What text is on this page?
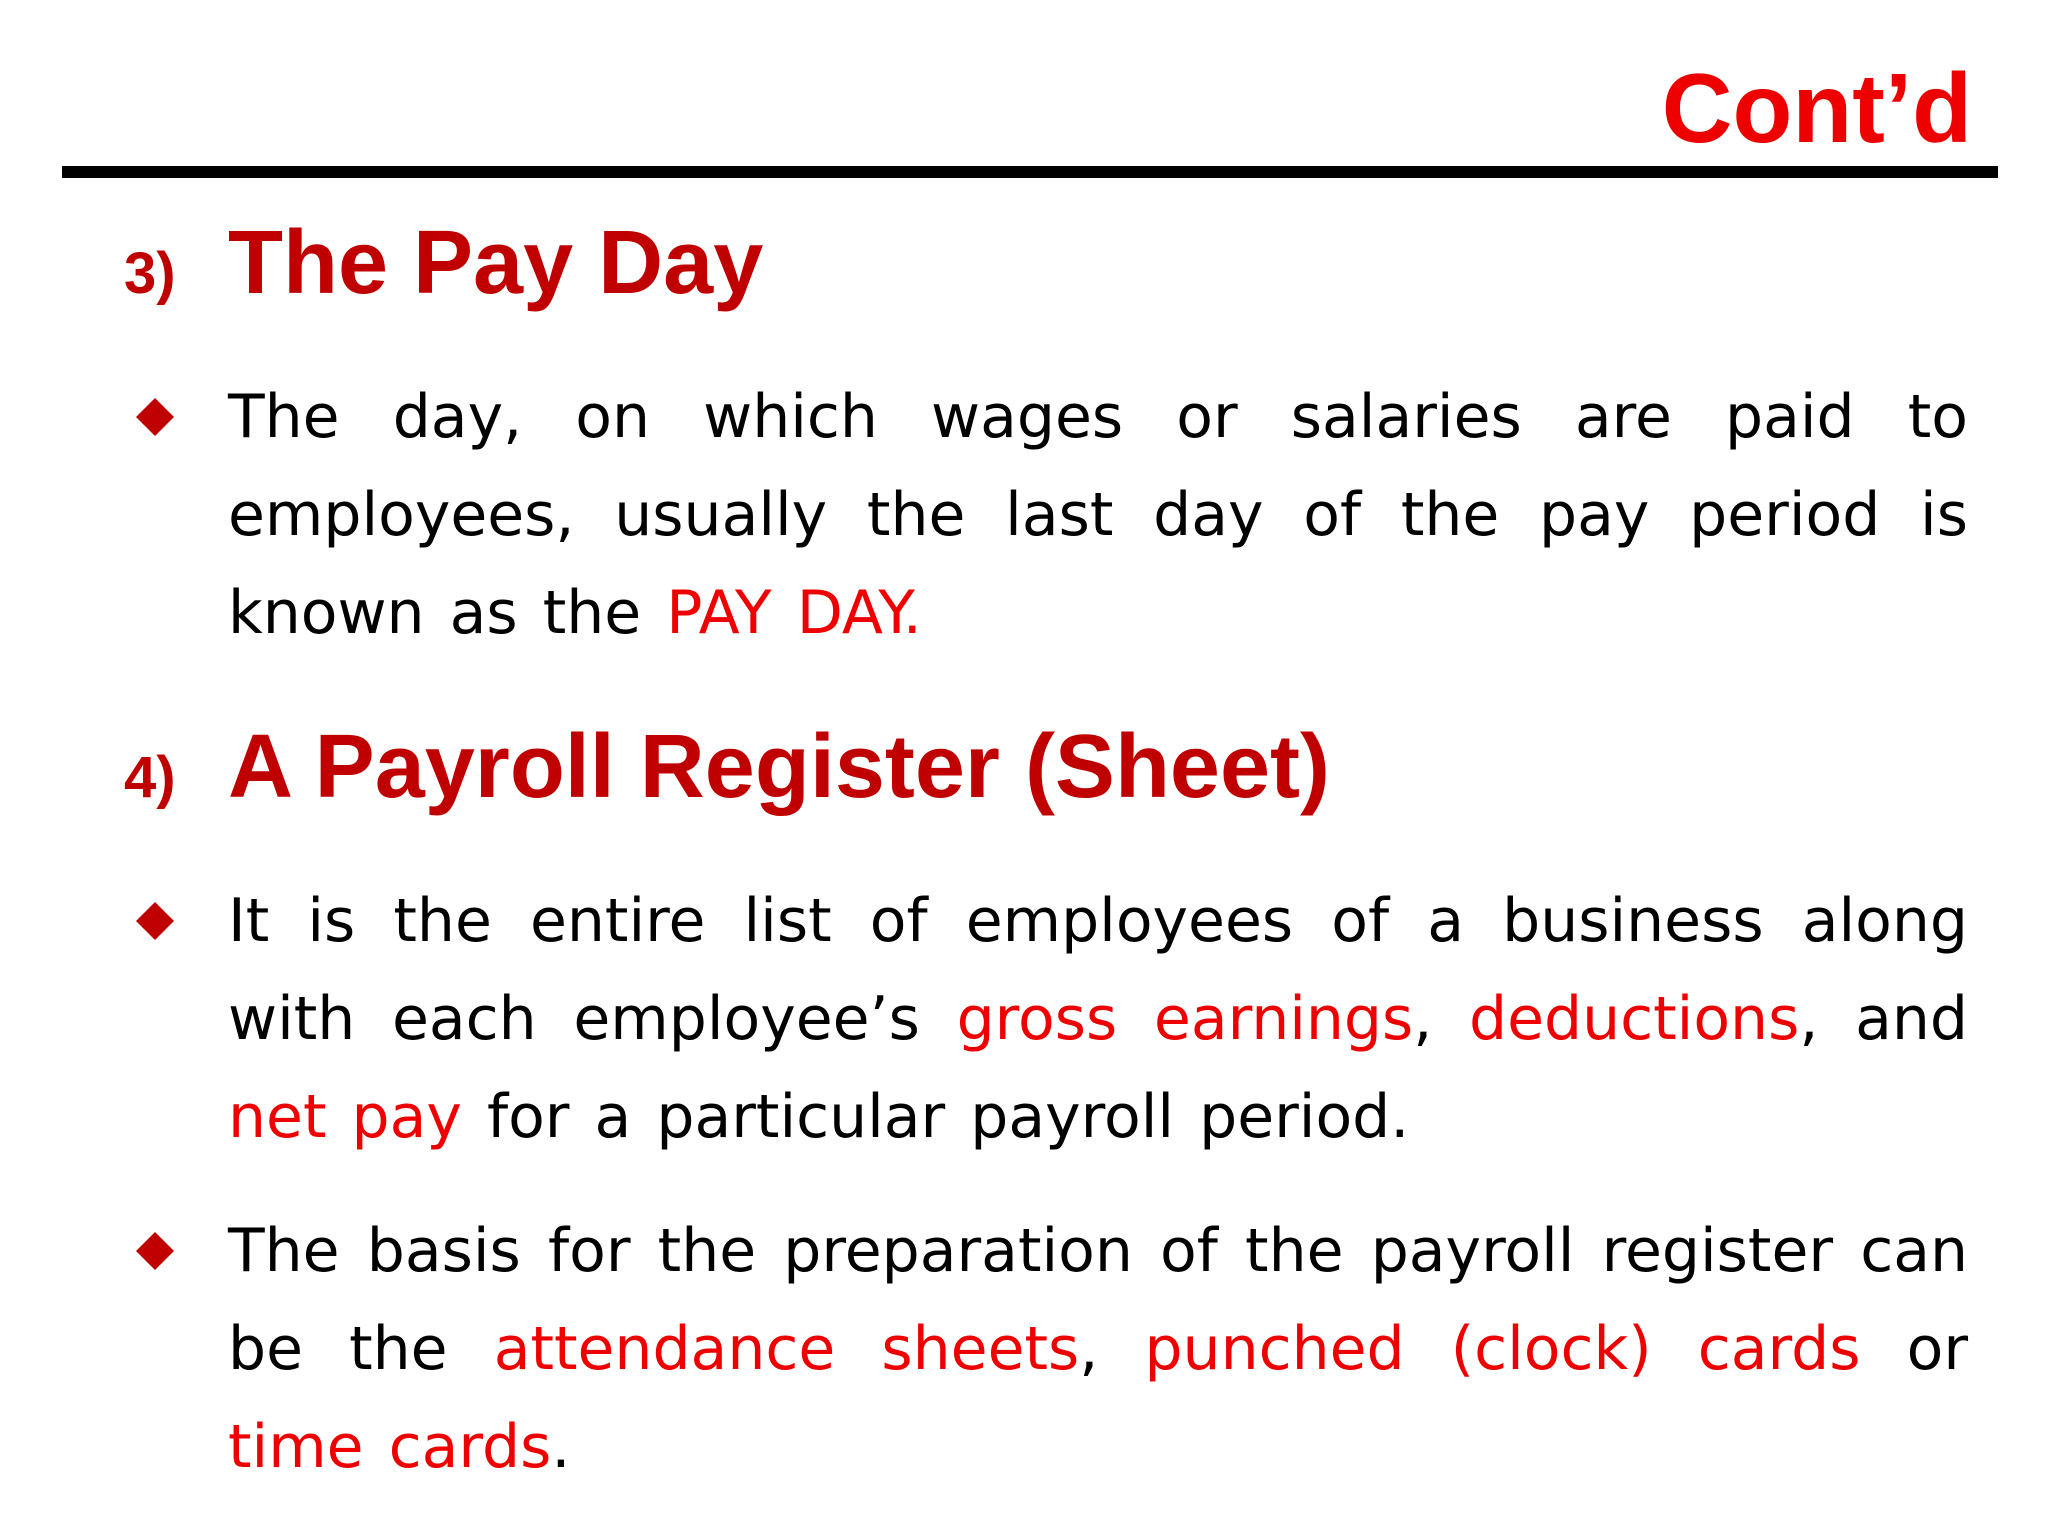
Cont’d
3) The Pay Day

The day, on which wages or salaries are paid to employees, usually the last day of the pay period is known as the PAY DAY.

4) A Payroll Register (Sheet)

It is the entire list of employees of a business along with each employee’s gross earnings, deductions, and net pay for a particular payroll period.

The basis for the preparation of the payroll register can be the attendance sheets, punched (clock) cards or time cards.
